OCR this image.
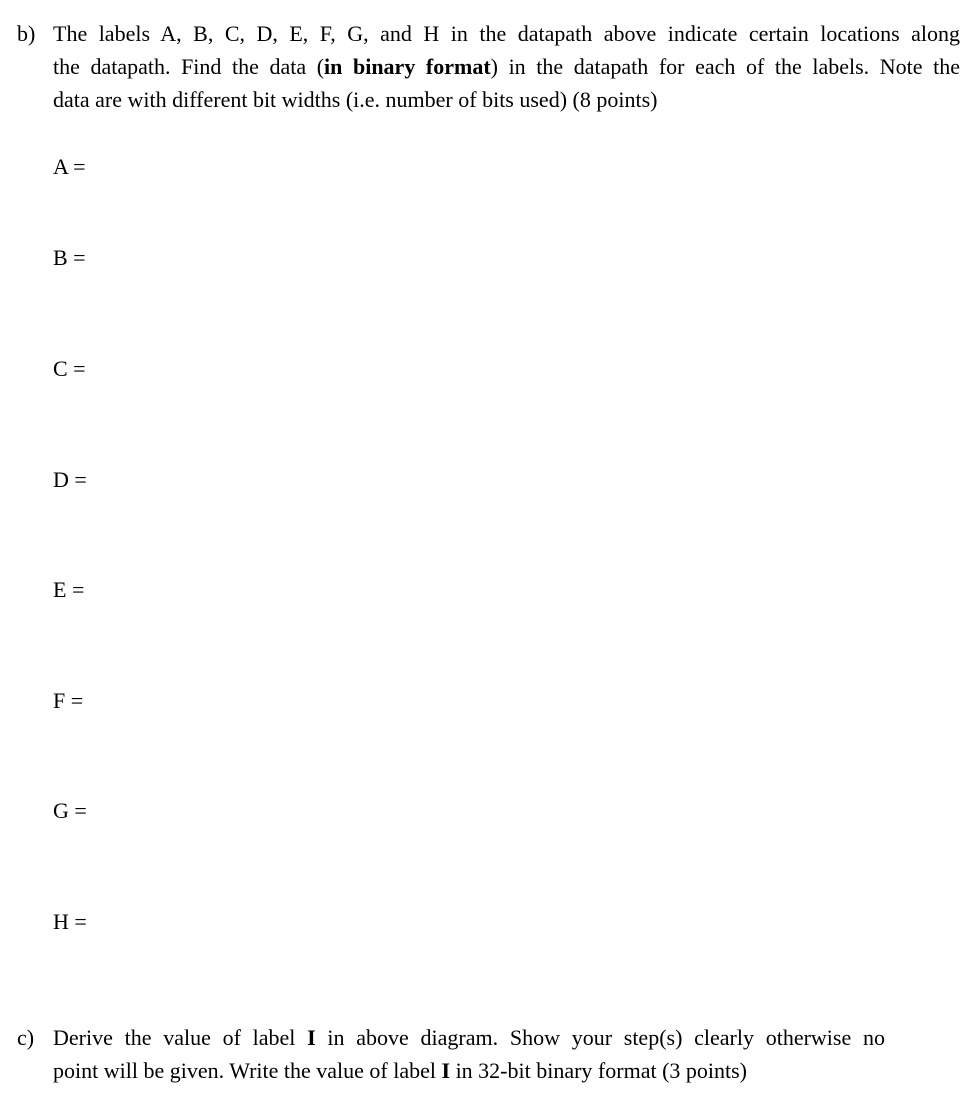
b) The labels A, B, C, D, E, F, G, and H in the datapath above indicate certain locations along
the datapath. Find the data (in binary format) in the datapath for each of the labels. Note the
data are with different bit widths (i.e. number of bits used) (8 points)
A =
B =
C =
D =
E =
F =
G =
H =
c) Derive the value of label I in above diagram. Show your step(s) clearly otherwise no
point will be given. Write the value of label I in 32-bit binary format (3 points)
